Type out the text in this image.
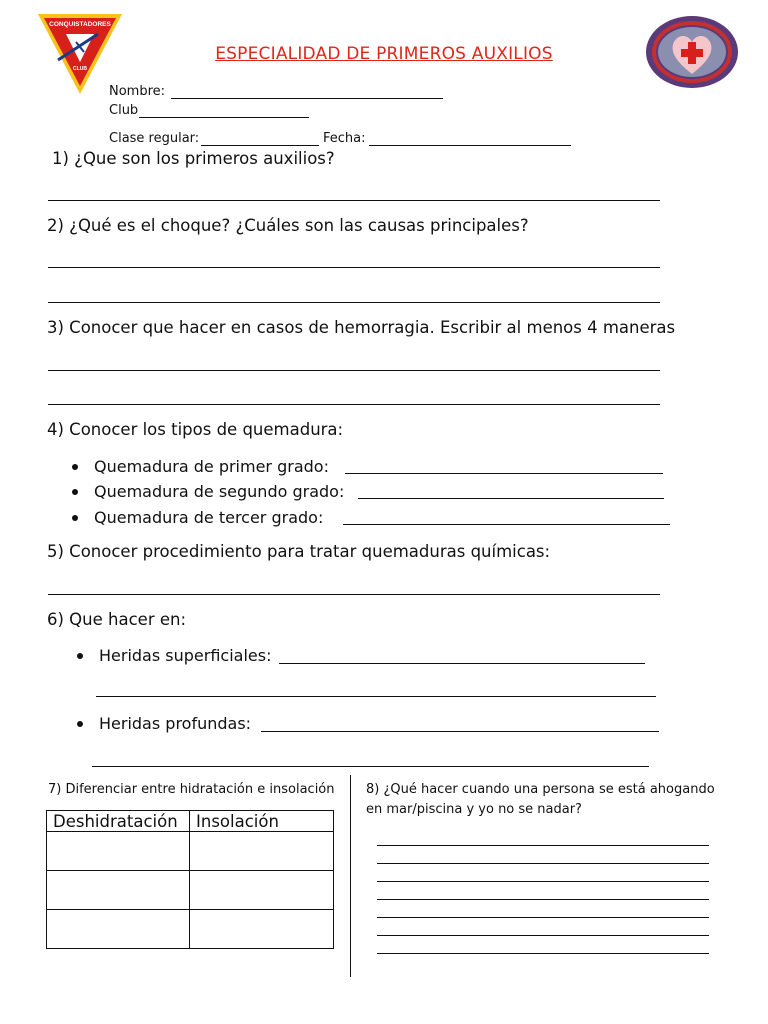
CONQUISTADORES
CLUB
ESPECIALIDAD DE PRIMEROS AUXILIOS
Nombre:
Club
Clase regular:	Fecha:
1) ¿Que son los primeros auxilios?
2) ¿Qué es el choque? ¿Cuáles son las causas principales?
3) Conocer que hacer en casos de hemorragia. Escribir al menos 4 maneras
4) Conocer los tipos de quemadura:
Quemadura de primer grado:
Quemadura de segundo grado:
Quemadura de tercer grado:
5) Conocer procedimiento para tratar quemaduras químicas:
6) Que hacer en:
Heridas superficiales:
Heridas profundas:
7) Diferenciar entre hidratación e insolación
Deshidratación	Insolación

8) ¿Qué hacer cuando una persona se está ahogando en mar/piscina y yo no se nadar?
